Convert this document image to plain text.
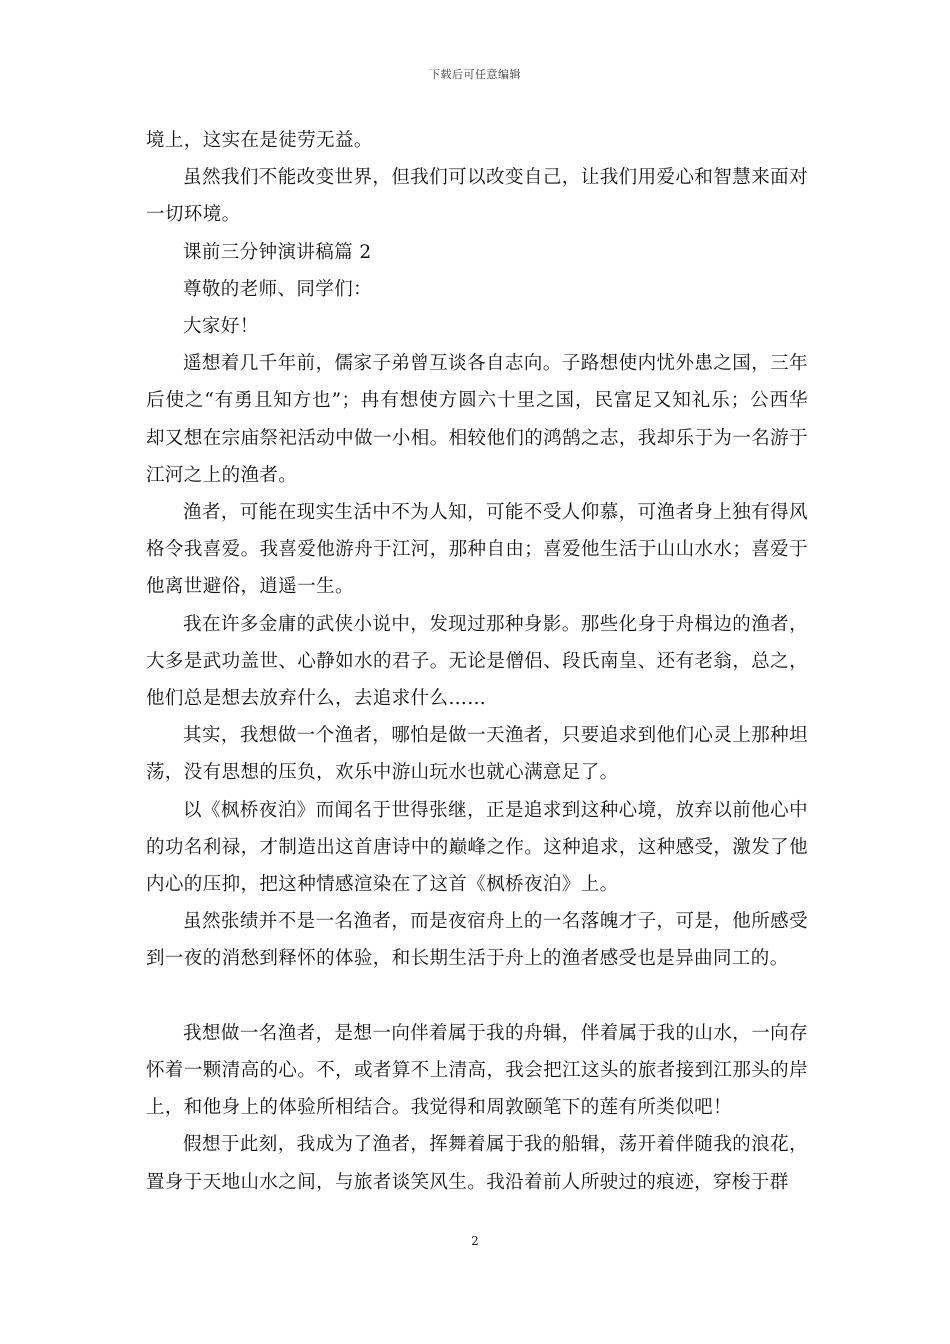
下载后可任意编辑

境上，这实在是徒劳无益。

虽然我们不能改变世界，但我们可以改变自己，让我们用爱心和智慧来面对一切环境。

课前三分钟演讲稿篇 2

尊敬的老师、同学们：

大家好！

遥想着几千年前，儒家子弟曾互谈各自志向。子路想使内忧外患之国，三年后使之“有勇且知方也”；冉有想使方圆六十里之国，民富足又知礼乐；公西华却又想在宗庙祭祀活动中做一小相。相较他们的鸿鹄之志，我却乐于为一名游于江河之上的渔者。

渔者，可能在现实生活中不为人知，可能不受人仰慕，可渔者身上独有得风格令我喜爱。我喜爱他游舟于江河，那种自由；喜爱他生活于山山水水；喜爱于他离世避俗，逍遥一生。

我在许多金庸的武侠小说中，发现过那种身影。那些化身于舟楫边的渔者，大多是武功盖世、心静如水的君子。无论是僧侣、段氏南皇、还有老翁，总之，他们总是想去放弃什么，去追求什么……

其实，我想做一个渔者，哪怕是做一天渔者，只要追求到他们心灵上那种坦荡，没有思想的压负，欢乐中游山玩水也就心满意足了。

以《枫桥夜泊》而闻名于世得张继，正是追求到这种心境，放弃以前他心中的功名利禄，才制造出这首唐诗中的巅峰之作。这种追求，这种感受，激发了他内心的压抑，把这种情感渲染在了这首《枫桥夜泊》上。

虽然张绩并不是一名渔者，而是夜宿舟上的一名落魄才子，可是，他所感受到一夜的消愁到释怀的体验，和长期生活于舟上的渔者感受也是异曲同工的。

我想做一名渔者，是想一向伴着属于我的舟辑，伴着属于我的山水，一向存怀着一颗清高的心。不，或者算不上清高，我会把江这头的旅者接到江那头的岸上，和他身上的体验所相结合。我觉得和周敦颐笔下的莲有所类似吧！

假想于此刻，我成为了渔者，挥舞着属于我的船辑，荡开着伴随我的浪花，置身于天地山水之间，与旅者谈笑风生。我沿着前人所驶过的痕迹，穿梭于群

2
